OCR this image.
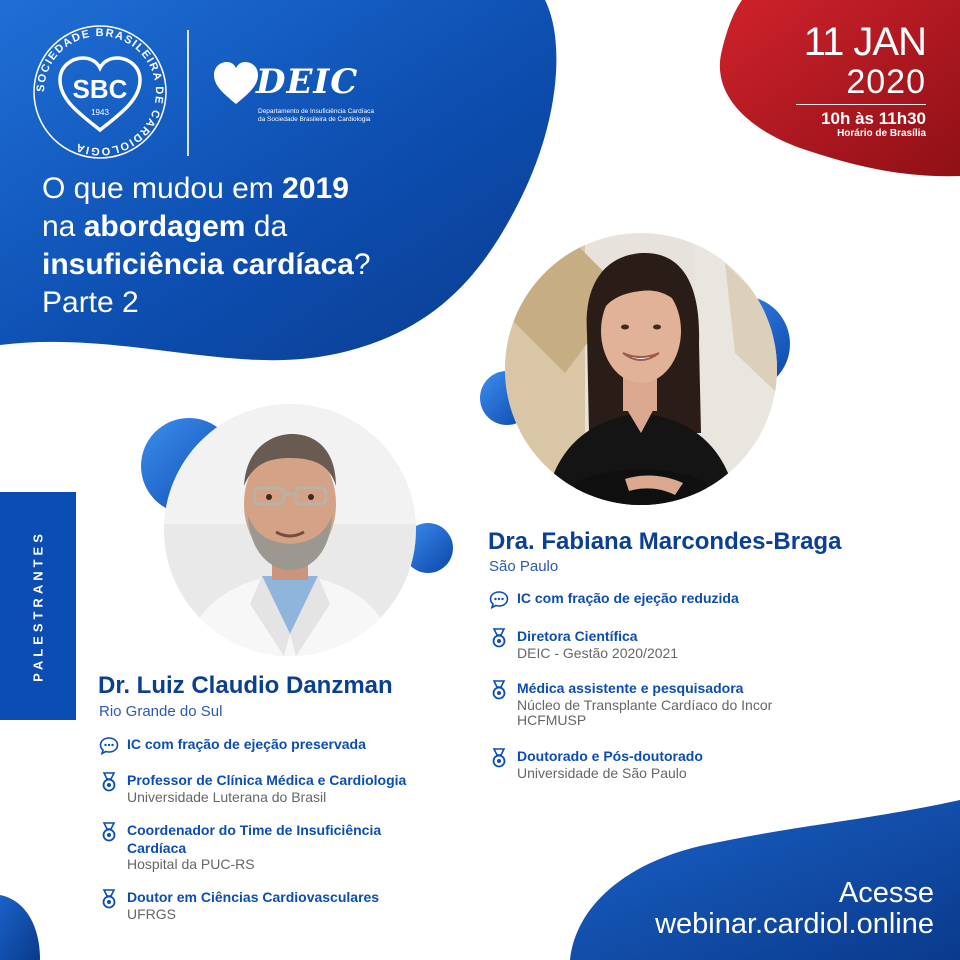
SOCIEDADE BRASILEIRA DE CARDIOLOGIA
SBC
1943
DEIC
Departamento de Insuficiência Cardíaca
da Sociedade Brasileira de Cardiologia
O que mudou em 2019
na abordagem da
insuficiência cardíaca?
Parte 2
11 JAN
2020
10h às 11h30
Horário de Brasília
PALESTRANTES
Dr. Luiz Claudio Danzman
Rio Grande do Sul
IC com fração de ejeção preservada
Professor de Clínica Médica e Cardiologia
Universidade Luterana do Brasil
Coordenador do Time de Insuficiência
Cardíaca
Hospital da PUC-RS
Doutor em Ciências Cardiovasculares
UFRGS
Dra. Fabiana Marcondes-Braga
São Paulo
IC com fração de ejeção reduzida
Diretora Científica
DEIC - Gestão 2020/2021
Médica assistente e pesquisadora
Núcleo de Transplante Cardíaco do Incor
HCFMUSP
Doutorado e Pós-doutorado
Universidade de São Paulo
Acesse
webinar.cardiol.online
